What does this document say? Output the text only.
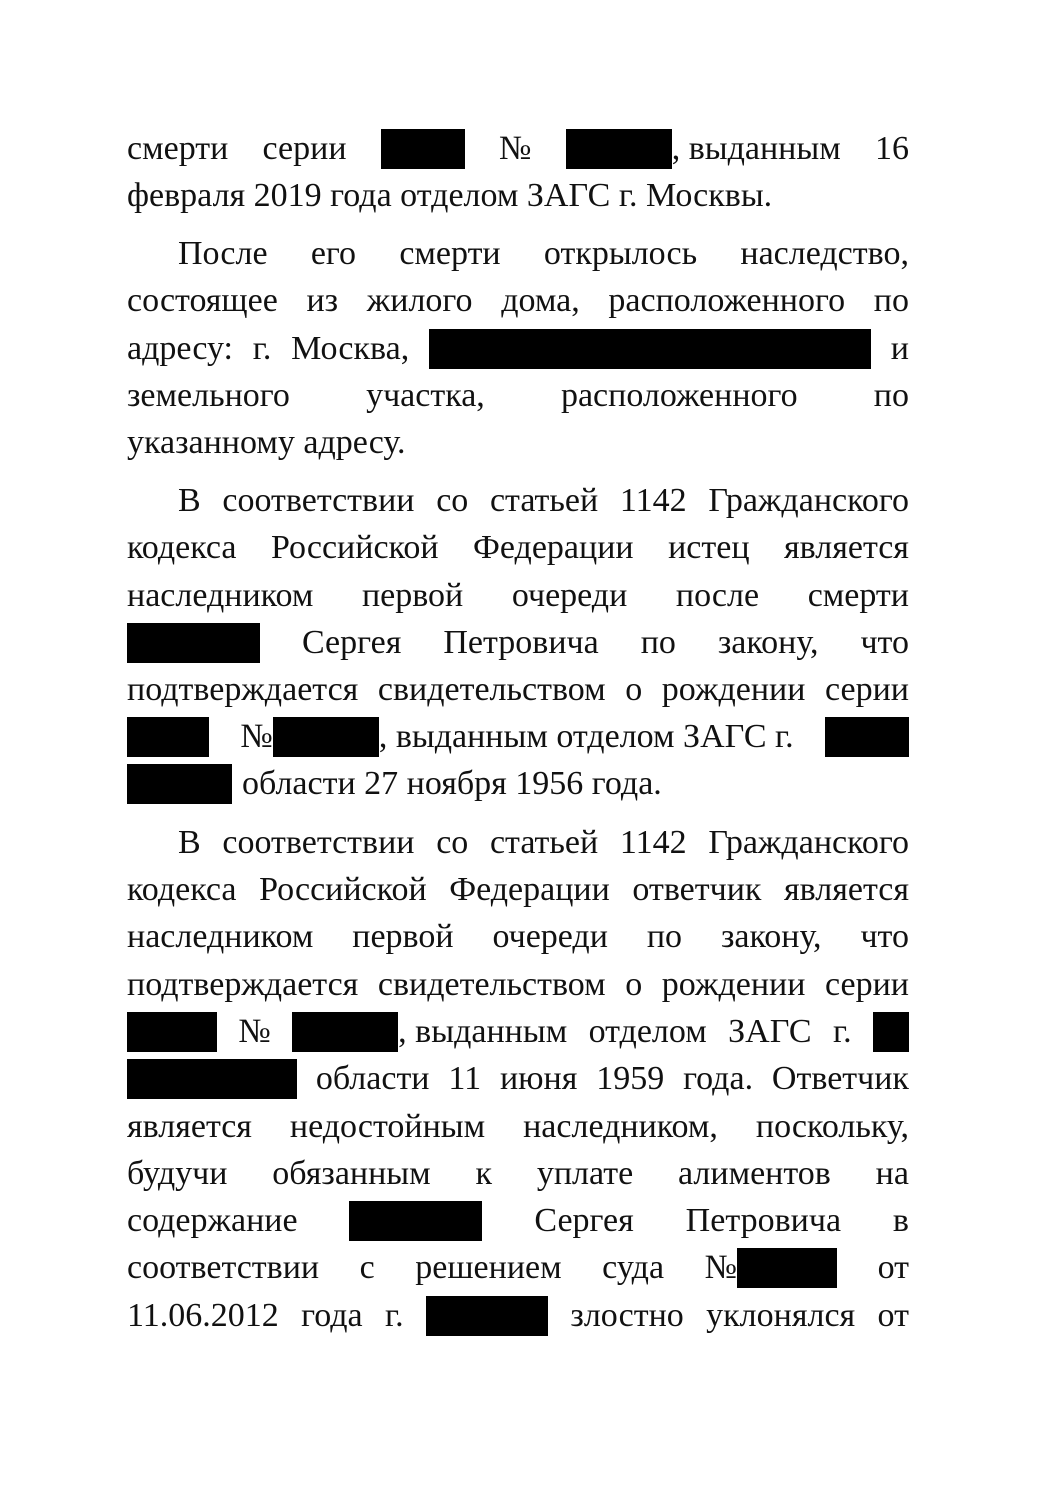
смерти серии	№	, выданным 16
февраля 2019 года отделом ЗАГС г. Москвы.
После его смерти открылось наследство,
состоящее из жилого дома, расположенного по
адресу: г. Москва,	и
земельного участка, расположенного по
указанному адресу.
В соответствии со статьей 1142 Гражданского
кодекса Российской Федерации истец является
наследником первой очереди после смерти
Сергея Петровича по закону, что
подтверждается свидетельством о рождении серии
№	, выданным отделом ЗАГС г.
области 27 ноября 1956 года.
В соответствии со статьей 1142 Гражданского
кодекса Российской Федерации ответчик является
наследником первой очереди по закону, что
подтверждается свидетельством о рождении серии
№	, выданным отделом ЗАГС г.
области 11 июня 1959 года. Ответчик
является недостойным наследником, поскольку,
будучи обязанным к уплате алиментов на
содержание	Сергея Петровича в
соответствии с решением суда №	от
11.06.2012 года г.	злостно уклонялся от
